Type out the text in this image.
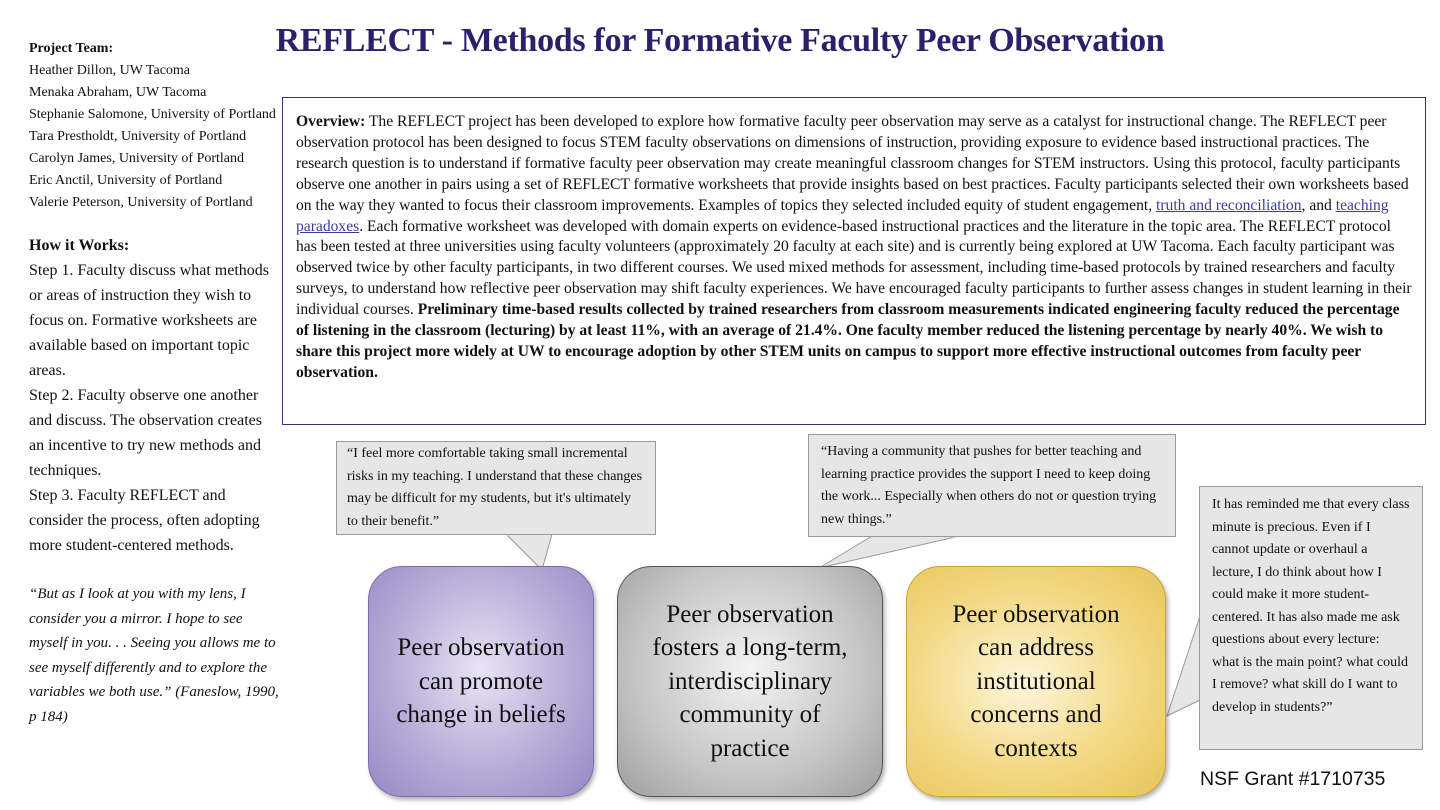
REFLECT - Methods for Formative Faculty Peer Observation
Project Team:
Heather Dillon, UW Tacoma
Menaka Abraham, UW Tacoma
Stephanie Salomone, University of Portland
Tara Prestholdt, University of Portland
Carolyn James, University of Portland
Eric Anctil, University of Portland
Valerie Peterson, University of Portland
How it Works:
Step 1. Faculty discuss what methods or areas of instruction they wish to focus on. Formative worksheets are available based on important topic areas.
Step 2. Faculty observe one another and discuss. The observation creates an incentive to try new methods and techniques.
Step 3. Faculty REFLECT and consider the process, often adopting more student-centered methods.
“But as I look at you with my lens, I consider you a mirror. I hope to see myself in you. . . Seeing you allows me to see myself differently and to explore the variables we both use.” (Faneslow, 1990, p 184)
Overview: The REFLECT project has been developed to explore how formative faculty peer observation may serve as a catalyst for instructional change. The REFLECT peer observation protocol has been designed to focus STEM faculty observations on dimensions of instruction, providing exposure to evidence based instructional practices. The research question is to understand if formative faculty peer observation may create meaningful classroom changes for STEM instructors. Using this protocol, faculty participants observe one another in pairs using a set of REFLECT formative worksheets that provide insights based on best practices. Faculty participants selected their own worksheets based on the way they wanted to focus their classroom improvements. Examples of topics they selected included equity of student engagement, truth and reconciliation, and teaching paradoxes. Each formative worksheet was developed with domain experts on evidence-based instructional practices and the literature in the topic area. The REFLECT protocol has been tested at three universities using faculty volunteers (approximately 20 faculty at each site) and is currently being explored at UW Tacoma. Each faculty participant was observed twice by other faculty participants, in two different courses. We used mixed methods for assessment, including time-based protocols by trained researchers and faculty surveys, to understand how reflective peer observation may shift faculty experiences. We have encouraged faculty participants to further assess changes in student learning in their individual courses. Preliminary time-based results collected by trained researchers from classroom measurements indicated engineering faculty reduced the percentage of listening in the classroom (lecturing) by at least 11%, with an average of 21.4%. One faculty member reduced the listening percentage by nearly 40%. We wish to share this project more widely at UW to encourage adoption by other STEM units on campus to support more effective instructional outcomes from faculty peer observation.
“I feel more comfortable taking small incremental risks in my teaching. I understand that these changes may be difficult for my students, but it's ultimately to their benefit.”
“Having a community that pushes for better teaching and learning practice provides the support I need to keep doing the work... Especially when others do not or question trying new things.”
It has reminded me that every class minute is precious. Even if I cannot update or overhaul a lecture, I do think about how I could make it more student-centered. It has also made me ask questions about every lecture: what is the main point? what could I remove? what skill do I want to develop in students?”
Peer observation can promote change in beliefs
Peer observation fosters a long-term, interdisciplinary community of practice
Peer observation can address institutional concerns and contexts
NSF Grant #1710735
